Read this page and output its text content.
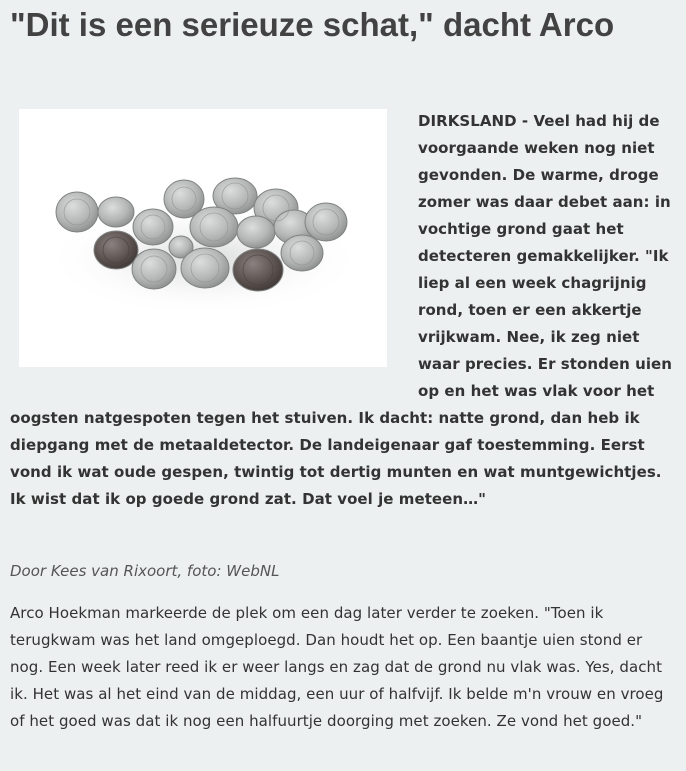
"Dit is een serieuze schat," dacht Arco

DIRKSLAND - Veel had hij de voorgaande weken nog niet gevonden. De warme, droge zomer was daar debet aan: in vochtige grond gaat het detecteren gemakkelijker. "Ik liep al een week chagrijnig rond, toen er een akkertje vrijkwam. Nee, ik zeg niet waar precies. Er stonden uien op en het was vlak voor het oogsten natgespoten tegen het stuiven. Ik dacht: natte grond, dan heb ik diepgang met de metaaldetector. De landeigenaar gaf toestemming. Eerst vond ik wat oude gespen, twintig tot dertig munten en wat muntgewichtjes. Ik wist dat ik op goede grond zat. Dat voel je meteen…"

Door Kees van Rixoort, foto: WebNL

Arco Hoekman markeerde de plek om een dag later verder te zoeken. "Toen ik terugkwam was het land omgeploegd. Dan houdt het op. Een baantje uien stond er nog. Een week later reed ik er weer langs en zag dat de grond nu vlak was. Yes, dacht ik. Het was al het eind van de middag, een uur of halfvijf. Ik belde m'n vrouw en vroeg of het goed was dat ik nog een halfuurtje doorging met zoeken. Ze vond het goed."
